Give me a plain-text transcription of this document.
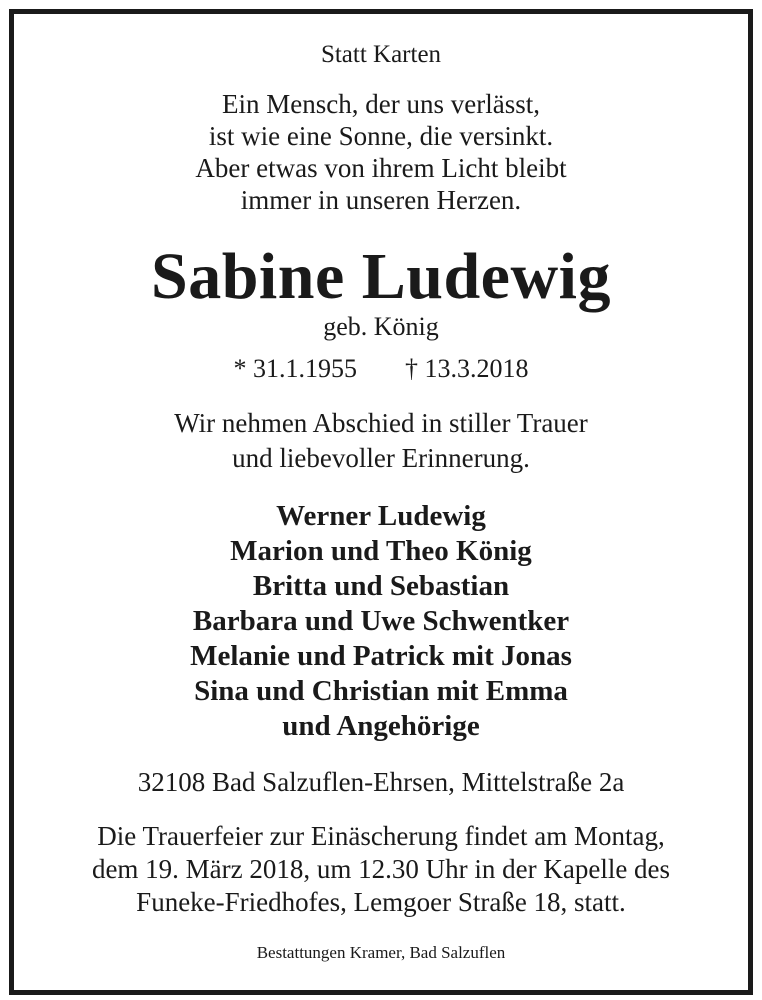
Statt Karten

Ein Mensch, der uns verlässt,

ist wie eine Sonne, die versinkt.

Aber etwas von ihrem Licht bleibt

immer in unseren Herzen.

Sabine Ludewig

geb. König

* 31.1.1955 † 13.3.2018

Wir nehmen Abschied in stiller Trauer

und liebevoller Erinnerung.

Werner Ludewig

Marion und Theo König

Britta und Sebastian

Barbara und Uwe Schwentker

Melanie und Patrick mit Jonas

Sina und Christian mit Emma

und Angehörige

32108 Bad Salzuflen-Ehrsen, Mittelstraße 2a

Die Trauerfeier zur Einäscherung findet am Montag,

dem 19. März 2018, um 12.30 Uhr in der Kapelle des

Funeke-Friedhofes, Lemgoer Straße 18, statt.

Bestattungen Kramer, Bad Salzuflen
